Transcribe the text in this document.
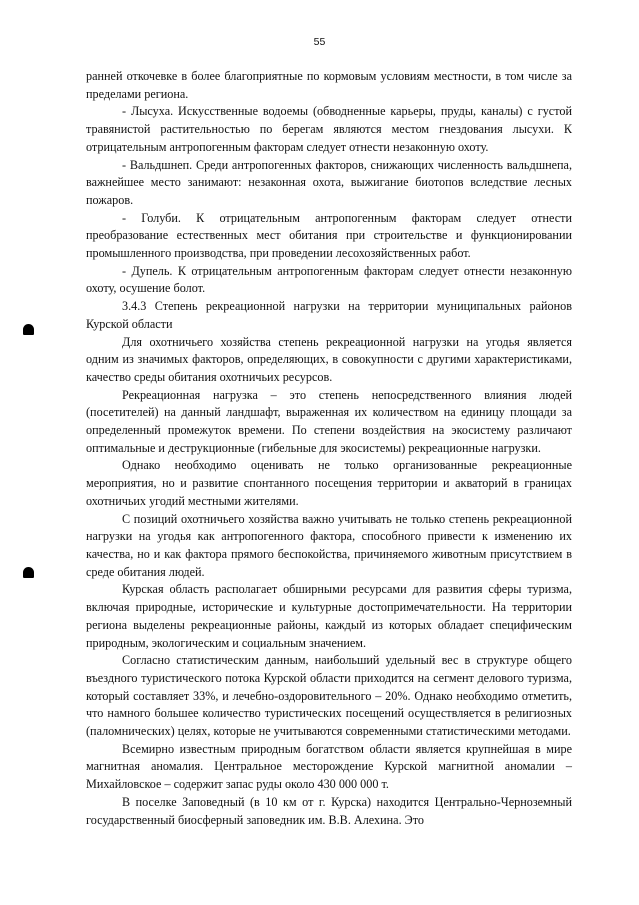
55

ранней откочевке в более благоприятные по кормовым условиям местности, в том числе за пределами региона.

- Лысуха. Искусственные водоемы (обводненные карьеры, пруды, каналы) с густой травянистой растительностью по берегам являются местом гнездования лысухи. К отрицательным антропогенным факторам следует отнести незаконную охоту.

- Вальдшнеп. Среди антропогенных факторов, снижающих численность вальдшнепа, важнейшее место занимают: незаконная охота, выжигание биотопов вследствие лесных пожаров.

- Голуби. К отрицательным антропогенным факторам следует отнести преобразование естественных мест обитания при строительстве и функционировании промышленного производства, при проведении лесохозяйственных работ.

- Дупель. К отрицательным антропогенным факторам следует отнести незаконную охоту, осушение болот.

3.4.3 Степень рекреационной нагрузки на территории муниципальных районов Курской области

Для охотничьего хозяйства степень рекреационной нагрузки на угодья является одним из значимых факторов, определяющих, в совокупности с другими характеристиками, качество среды обитания охотничьих ресурсов.

Рекреационная нагрузка – это степень непосредственного влияния людей (посетителей) на данный ландшафт, выраженная их количеством на единицу площади за определенный промежуток времени. По степени воздействия на экосистему различают оптимальные и деструкционные (гибельные для экосистемы) рекреационные нагрузки.

Однако необходимо оценивать не только организованные рекреационные мероприятия, но и развитие спонтанного посещения территории и акваторий в границах охотничьих угодий местными жителями.

С позиций охотничьего хозяйства важно учитывать не только степень рекреационной нагрузки на угодья как антропогенного фактора, способного привести к изменению их качества, но и как фактора прямого беспокойства, причиняемого животным присутствием в среде обитания людей.

Курская область располагает обширными ресурсами для развития сферы туризма, включая природные, исторические и культурные достопримечательности. На территории региона выделены рекреационные районы, каждый из которых обладает специфическим природным, экологическим и социальным значением.

Согласно статистическим данным, наибольший удельный вес в структуре общего въездного туристического потока Курской области приходится на сегмент делового туризма, который составляет 33%, и лечебно-оздоровительного – 20%. Однако необходимо отметить, что намного большее количество туристических посещений осуществляется в религиозных (паломнических) целях, которые не учитываются современными статистическими методами.

Всемирно известным природным богатством области является крупнейшая в мире магнитная аномалия. Центральное месторождение Курской магнитной аномалии – Михайловское – содержит запас руды около 430 000 000 т.

В поселке Заповедный (в 10 км от г. Курска) находится Центрально-Черноземный государственный биосферный заповедник им. В.В. Алехина. Это
